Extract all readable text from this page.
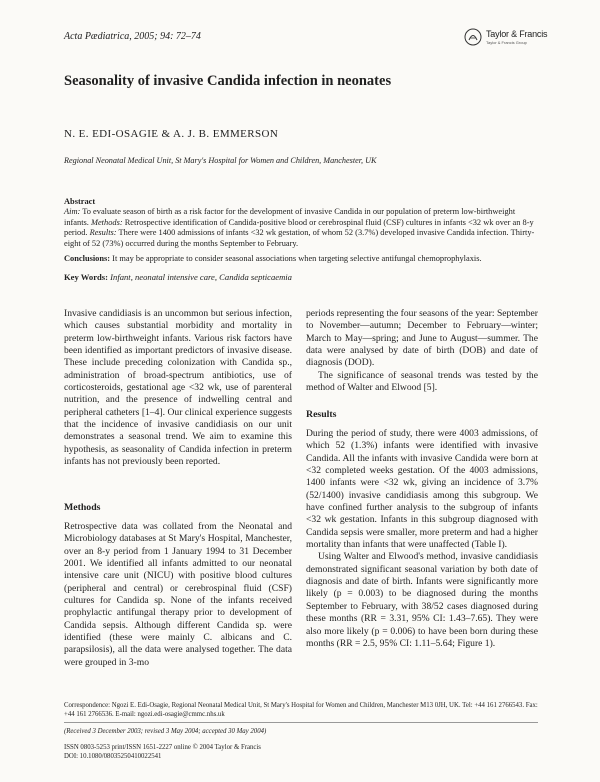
Acta Pædiatrica, 2005; 94: 72–74	Taylor & Francis
Taylor & Francis Group
Seasonality of invasive Candida infection in neonates
N. E. EDI-OSAGIE & A. J. B. EMMERSON
Regional Neonatal Medical Unit, St Mary's Hospital for Women and Children, Manchester, UK

Abstract

Aim: To evaluate season of birth as a risk factor for the development of invasive Candida in our population of preterm low-birthweight infants. Methods: Retrospective identification of Candida-positive blood or cerebrospinal fluid (CSF) cultures in infants <32 wk over an 8-y period. Results: There were 1400 admissions of infants <32 wk gestation, of whom 52 (3.7%) developed invasive Candida infection. Thirty-eight of 52 (73%) occurred during the months September to February.

Conclusions: It may be appropriate to consider seasonal associations when targeting selective antifungal chemoprophylaxis.

Key Words: Infant, neonatal intensive care, Candida septicaemia

Invasive candidiasis is an uncommon but serious infection, which causes substantial morbidity and mortality in preterm low-birthweight infants. Various risk factors have been identified as important predictors of invasive disease. These include preceding colonization with Candida sp., administration of broad-spectrum antibiotics, use of corticosteroids, gestational age <32 wk, use of parenteral nutrition, and the presence of indwelling central and peripheral catheters [1–4]. Our clinical experience suggests that the incidence of invasive candidiasis on our unit demonstrates a seasonal trend. We aim to examine this hypothesis, as seasonality of Candida infection in preterm infants has not previously been reported.

Methods

Retrospective data was collated from the Neonatal and Microbiology databases at St Mary's Hospital, Manchester, over an 8-y period from 1 January 1994 to 31 December 2001. We identified all infants admitted to our neonatal intensive care unit (NICU) with positive blood cultures (peripheral and central) or cerebrospinal fluid (CSF) cultures for Candida sp. None of the infants received prophylactic antifungal therapy prior to development of Candida sepsis. Although different Candida sp. were identified (these were mainly C. albicans and C. parapsilosis), all the data were analysed together. The data were grouped in 3-mo

periods representing the four seasons of the year: September to November—autumn; December to February—winter; March to May—spring; and June to August—summer. The data were analysed by date of birth (DOB) and date of diagnosis (DOD).

The significance of seasonal trends was tested by the method of Walter and Elwood [5].

Results

During the period of study, there were 4003 admissions, of which 52 (1.3%) infants were identified with invasive Candida. All the infants with invasive Candida were born at <32 completed weeks gestation. Of the 4003 admissions, 1400 infants were <32 wk, giving an incidence of 3.7% (52/1400) invasive candidiasis among this subgroup. We have confined further analysis to the subgroup of infants <32 wk gestation. Infants in this subgroup diagnosed with Candida sepsis were smaller, more preterm and had a higher mortality than infants that were unaffected (Table I).

Using Walter and Elwood's method, invasive candidiasis demonstrated significant seasonal variation by both date of diagnosis and date of birth. Infants were significantly more likely (p = 0.003) to be diagnosed during the months September to February, with 38/52 cases diagnosed during these months (RR = 3.31, 95% CI: 1.43–7.65). They were also more likely (p = 0.006) to have been born during these months (RR = 2.5, 95% CI: 1.11–5.64; Figure 1).

Correspondence: Ngozi E. Edi-Osagie, Regional Neonatal Medical Unit, St Mary's Hospital for Women and Children, Manchester M13 0JH, UK. Tel: +44 161 2766543. Fax: +44 161 2766536. E-mail: ngozi.edi-osagie@cmmc.nhs.uk
(Received 3 December 2003; revised 3 May 2004; accepted 30 May 2004)
ISSN 0803-5253 print/ISSN 1651-2227 online © 2004 Taylor & Francis
DOI: 10.1080/08035250410022541
